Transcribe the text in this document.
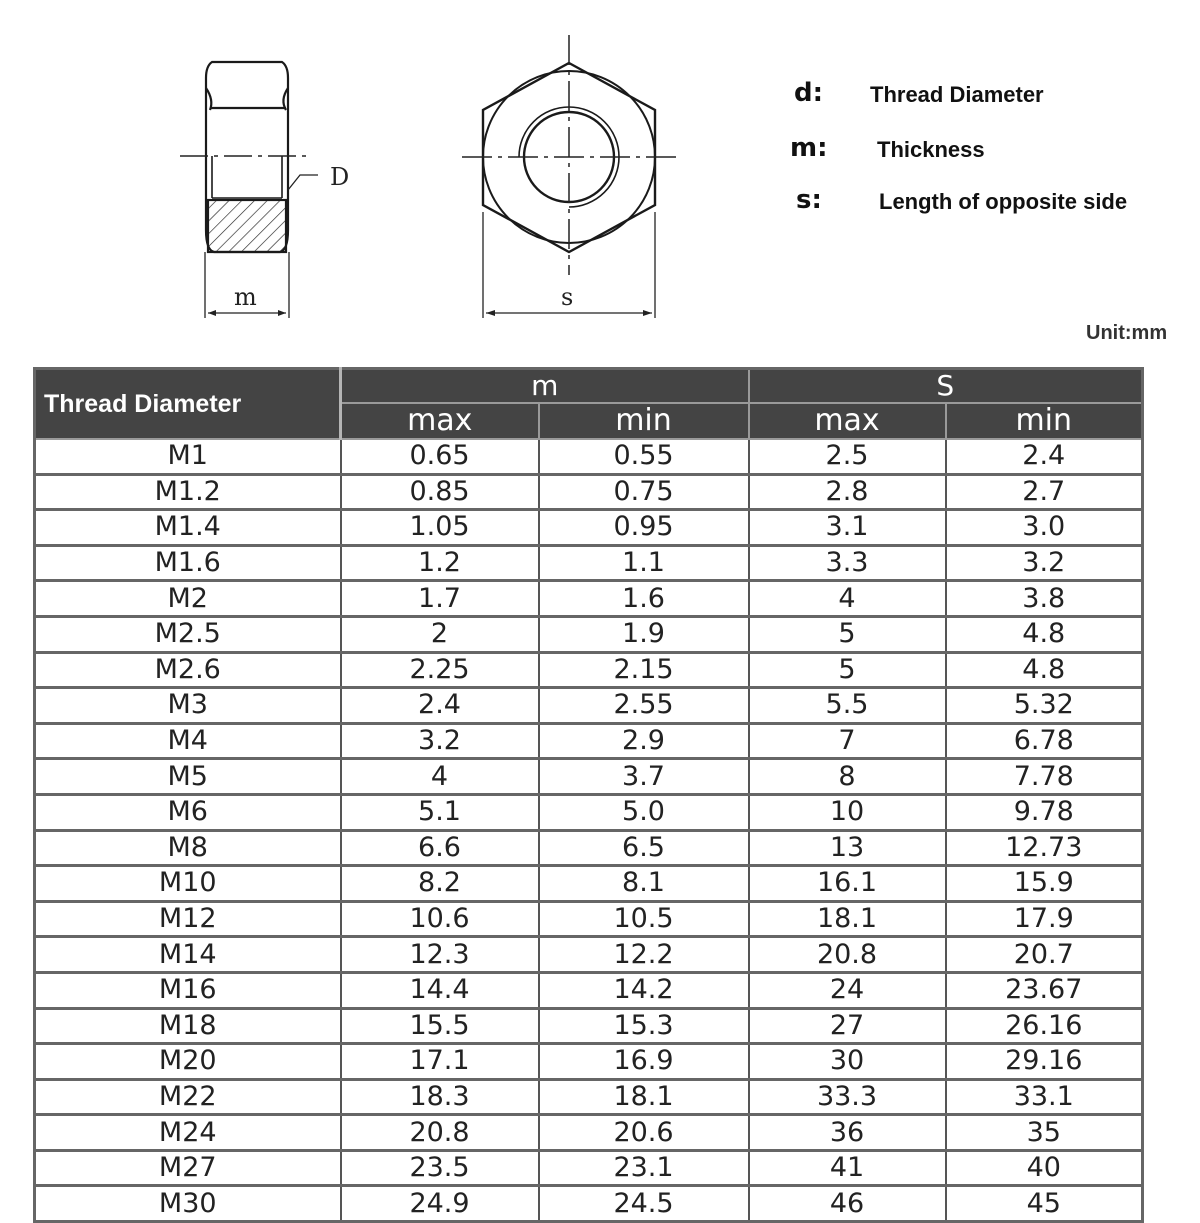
D
m	s
d: Thread Diameter
m: Thickness
s:	Length of opposite side
Unit:mm
Thread Diameter	m		S	
	max	min	max	min
M1	0.65	0.55	2.5	2.4
M1.2	0.85	0.75	2.8	2.7
M1.4	1.05	0.95	3.1	3.0
M1.6	1.2	1.1	3.3	3.2
M2	1.7	1.6	4	3.8
M2.5	2	1.9	5	4.8
M2.6	2.25	2.15	5	4.8
M3	2.4	2.55	5.5	5.32
M4	3.2	2.9	7	6.78
M5	4	3.7	8	7.78
M6	5.1	5.0	10	9.78
M8	6.6	6.5	13	12.73
M10	8.2	8.1	16.1	15.9
M12	10.6	10.5	18.1	17.9
M14	12.3	12.2	20.8	20.7
M16	14.4	14.2	24	23.67
M18	15.5	15.3	27	26.16
M20	17.1	16.9	30	29.16
M22	18.3	18.1	33.3	33.1
M24	20.8	20.6	36	35
M27	23.5	23.1	41	40
M30	24.9	24.5	46	45
